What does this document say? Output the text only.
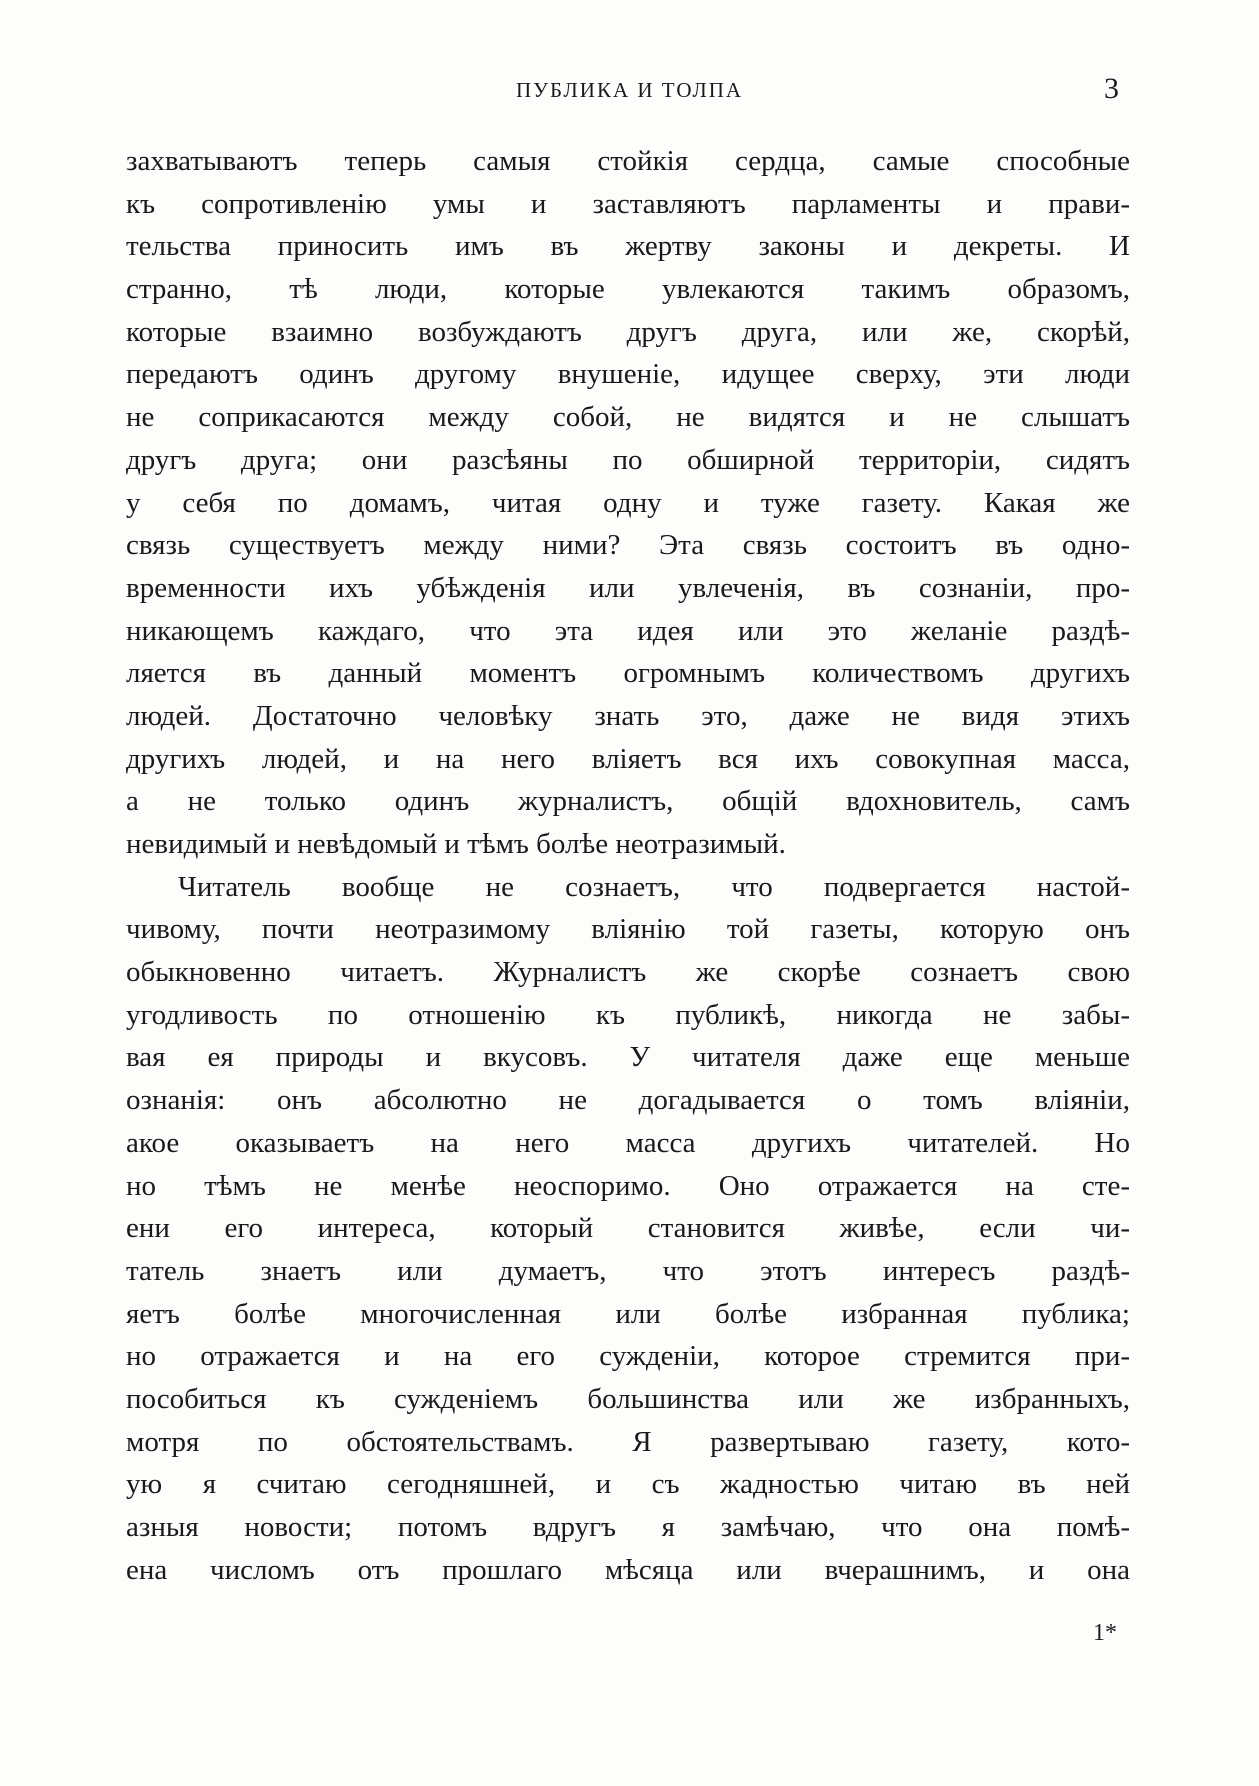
ПУБЛИКА И ТОЛПА	3
захватываютъ теперь самыя стойкія сердца, самые способные
къ сопротивленію умы и заставляютъ парламенты и прави-
тельства приносить имъ въ жертву законы и декреты. И
странно, тѣ люди, которые увлекаются такимъ образомъ,
которые взаимно возбуждаютъ другъ друга, или же, скорѣй,
передаютъ одинъ другому внушеніе, идущее сверху, эти люди
не соприкасаются между собой, не видятся и не слышатъ
другъ друга; они разсѣяны по обширной территоріи, сидятъ
у себя по домамъ, читая одну и туже газету. Какая же
связь существуетъ между ними? Эта связь состоитъ въ одно-
временности ихъ убѣжденія или увлеченія, въ сознаніи, про-
никающемъ каждаго, что эта идея или это желаніе раздѣ-
ляется въ данный моментъ огромнымъ количествомъ другихъ
людей. Достаточно человѣку знать это, даже не видя этихъ
другихъ людей, и на него вліяетъ вся ихъ совокупная масса,
а не только одинъ журналистъ, общій вдохновитель, самъ
невидимый и невѣдомый и тѣмъ болѣе неотразимый.
Читатель вообще не сознаетъ, что подвергается настой-
чивому, почти неотразимому вліянію той газеты, которую онъ
обыкновенно читаетъ. Журналистъ же скорѣе сознаетъ свою
угодливость по отношенію къ публикѣ, никогда не забы-
вая ея природы и вкусовъ. У читателя даже еще меньше
ознанія: онъ абсолютно не догадывается о томъ вліяніи,
акое оказываетъ на него масса другихъ читателей. Но
но тѣмъ не менѣе неоспоримо. Оно отражается на сте-
ени его интереса, который становится живѣе, если чи-
татель знаетъ или думаетъ, что этотъ интересъ раздѣ-
яетъ болѣе многочисленная или болѣе избранная публика;
но отражается и на его сужденіи, которое стремится при-
пособиться къ сужденіемъ большинства или же избранныхъ,
мотря по обстоятельствамъ. Я развертываю газету, кото-
ую я считаю сегодняшней, и съ жадностью читаю въ ней
азныя новости; потомъ вдругъ я замѣчаю, что она помѣ-
ена числомъ отъ прошлаго мѣсяца или вчерашнимъ, и она
1*
